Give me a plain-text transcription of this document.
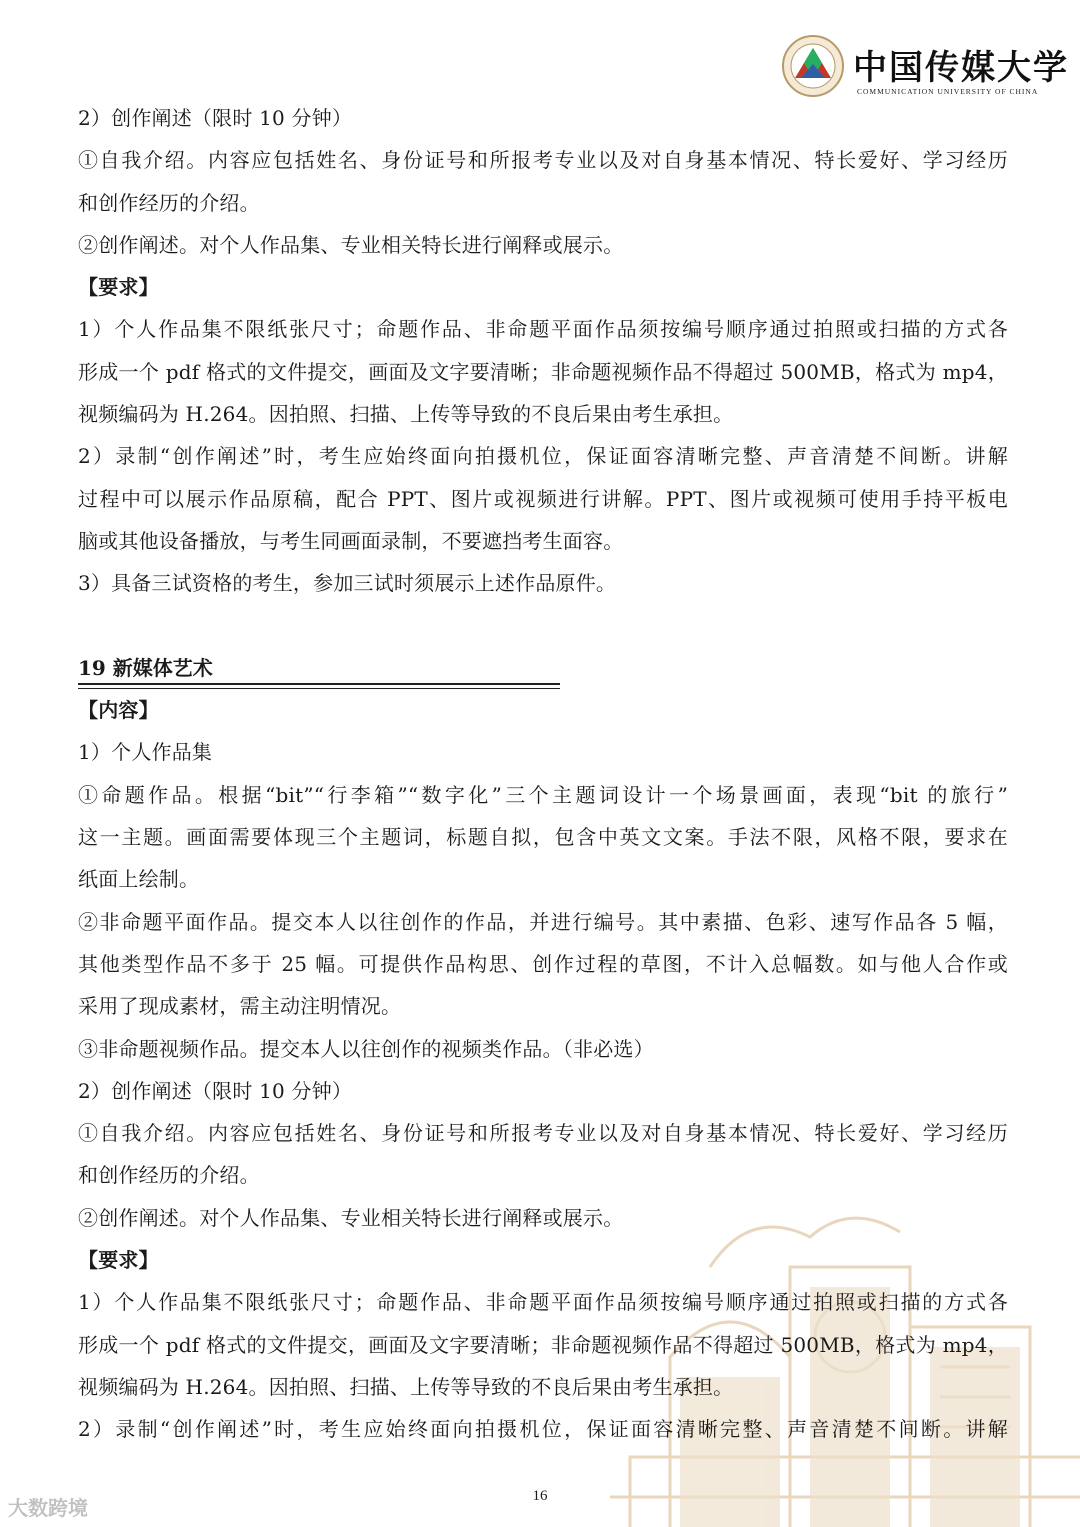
中国传媒大学
COMMUNICATION UNIVERSITY OF CHINA
2）创作阐述（限时 10 分钟）
①自我介绍。内容应包括姓名、身份证号和所报考专业以及对自身基本情况、特长爱好、学习经历
和创作经历的介绍。
②创作阐述。对个人作品集、专业相关特长进行阐释或展示。
【要求】
1）个人作品集不限纸张尺寸；命题作品、非命题平面作品须按编号顺序通过拍照或扫描的方式各
形成一个 pdf 格式的文件提交，画面及文字要清晰；非命题视频作品不得超过 500MB，格式为 mp4，
视频编码为 H.264。因拍照、扫描、上传等导致的不良后果由考生承担。
2）录制“创作阐述”时，考生应始终面向拍摄机位，保证面容清晰完整、声音清楚不间断。讲解
过程中可以展示作品原稿，配合 PPT、图片或视频进行讲解。PPT、图片或视频可使用手持平板电
脑或其他设备播放，与考生同画面录制，不要遮挡考生面容。
3）具备三试资格的考生，参加三试时须展示上述作品原件。
19 新媒体艺术
【内容】
1）个人作品集
①命题作品。根据“bit”“行李箱”“数字化”三个主题词设计一个场景画面，表现“bit 的旅行”
这一主题。画面需要体现三个主题词，标题自拟，包含中英文文案。手法不限，风格不限，要求在
纸面上绘制。
②非命题平面作品。提交本人以往创作的作品，并进行编号。其中素描、色彩、速写作品各 5 幅，
其他类型作品不多于 25 幅。可提供作品构思、创作过程的草图，不计入总幅数。如与他人合作或
采用了现成素材，需主动注明情况。
③非命题视频作品。提交本人以往创作的视频类作品。（非必选）
2）创作阐述（限时 10 分钟）
①自我介绍。内容应包括姓名、身份证号和所报考专业以及对自身基本情况、特长爱好、学习经历
和创作经历的介绍。
②创作阐述。对个人作品集、专业相关特长进行阐释或展示。
【要求】
1）个人作品集不限纸张尺寸；命题作品、非命题平面作品须按编号顺序通过拍照或扫描的方式各
形成一个 pdf 格式的文件提交，画面及文字要清晰；非命题视频作品不得超过 500MB，格式为 mp4，
视频编码为 H.264。因拍照、扫描、上传等导致的不良后果由考生承担。
2）录制“创作阐述”时，考生应始终面向拍摄机位，保证面容清晰完整、声音清楚不间断。讲解
16
大数跨境
